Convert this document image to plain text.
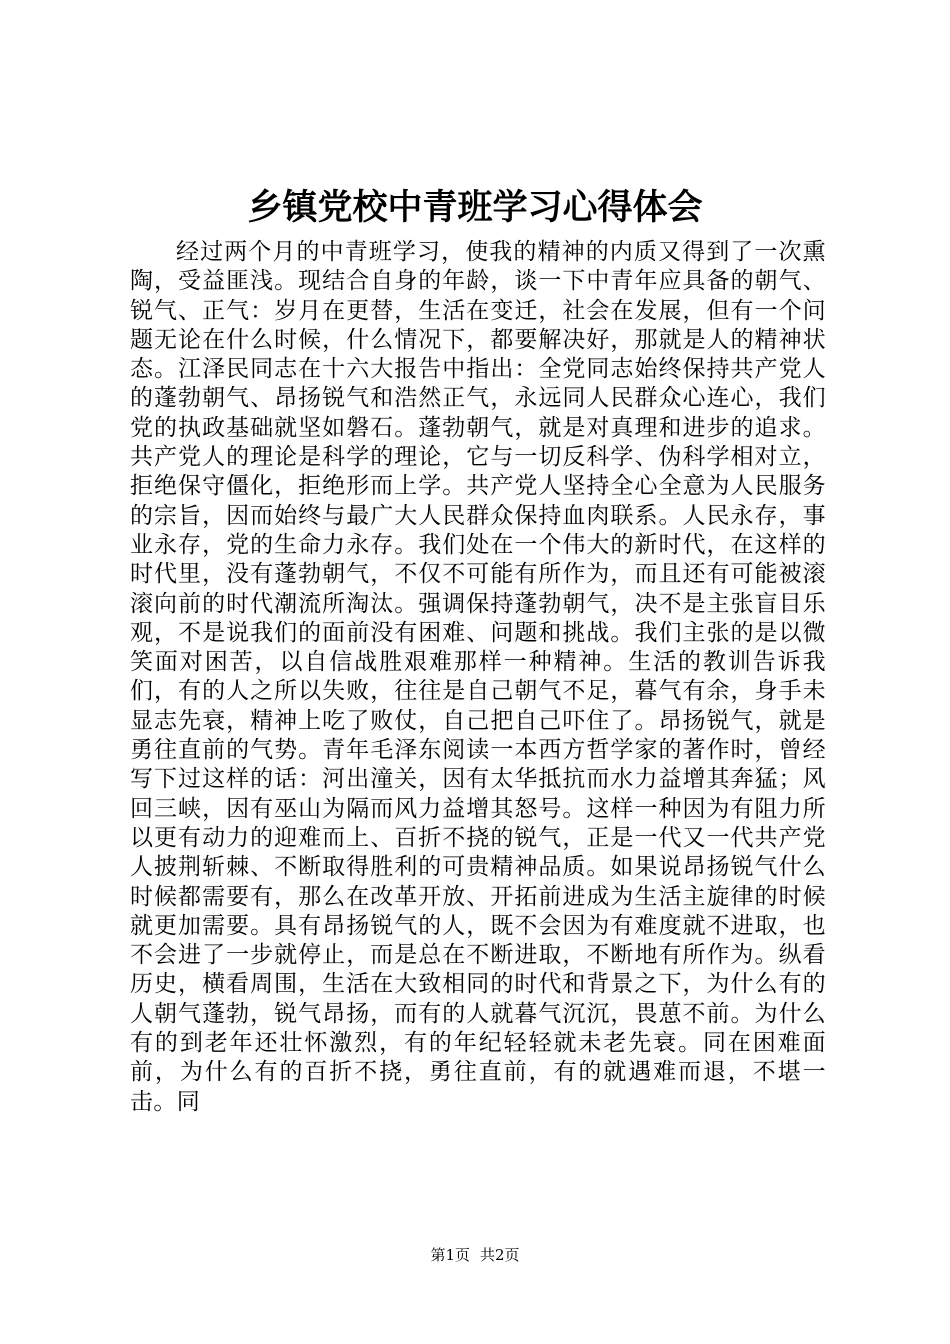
乡镇党校中青班学习心得体会

经过两个月的中青班学习，使我的精神的内质又得到了一次熏陶，受益匪浅。现结合自身的年龄，谈一下中青年应具备的朝气、锐气、正气：岁月在更替，生活在变迁，社会在发展，但有一个问题无论在什么时候，什么情况下，都要解决好，那就是人的精神状态。江泽民同志在十六大报告中指出：全党同志始终保持共产党人的蓬勃朝气、昂扬锐气和浩然正气，永远同人民群众心连心，我们党的执政基础就坚如磐石。蓬勃朝气，就是对真理和进步的追求。共产党人的理论是科学的理论，它与一切反科学、伪科学相对立，拒绝保守僵化，拒绝形而上学。共产党人坚持全心全意为人民服务的宗旨，因而始终与最广大人民群众保持血肉联系。人民永存，事业永存，党的生命力永存。我们处在一个伟大的新时代，在这样的时代里，没有蓬勃朝气，不仅不可能有所作为，而且还有可能被滚滚向前的时代潮流所淘汰。强调保持蓬勃朝气，决不是主张盲目乐观，不是说我们的面前没有困难、问题和挑战。我们主张的是以微笑面对困苦，以自信战胜艰难那样一种精神。生活的教训告诉我们，有的人之所以失败，往往是自己朝气不足，暮气有余，身手未显志先衰，精神上吃了败仗，自己把自己吓住了。昂扬锐气，就是勇往直前的气势。青年毛泽东阅读一本西方哲学家的著作时，曾经写下过这样的话：河出潼关，因有太华抵抗而水力益增其奔猛；风回三峡，因有巫山为隔而风力益增其怒号。这样一种因为有阻力所以更有动力的迎难而上、百折不挠的锐气，正是一代又一代共产党人披荆斩棘、不断取得胜利的可贵精神品质。如果说昂扬锐气什么时候都需要有，那么在改革开放、开拓前进成为生活主旋律的时候就更加需要。具有昂扬锐气的人，既不会因为有难度就不进取，也不会进了一步就停止，而是总在不断进取，不断地有所作为。纵看历史，横看周围，生活在大致相同的时代和背景之下，为什么有的人朝气蓬勃，锐气昂扬，而有的人就暮气沉沉，畏葸不前。为什么有的到老年还壮怀激烈，有的年纪轻轻就未老先衰。同在困难面前，为什么有的百折不挠，勇往直前，有的就遇难而退，不堪一击。同

第1页 共2页
